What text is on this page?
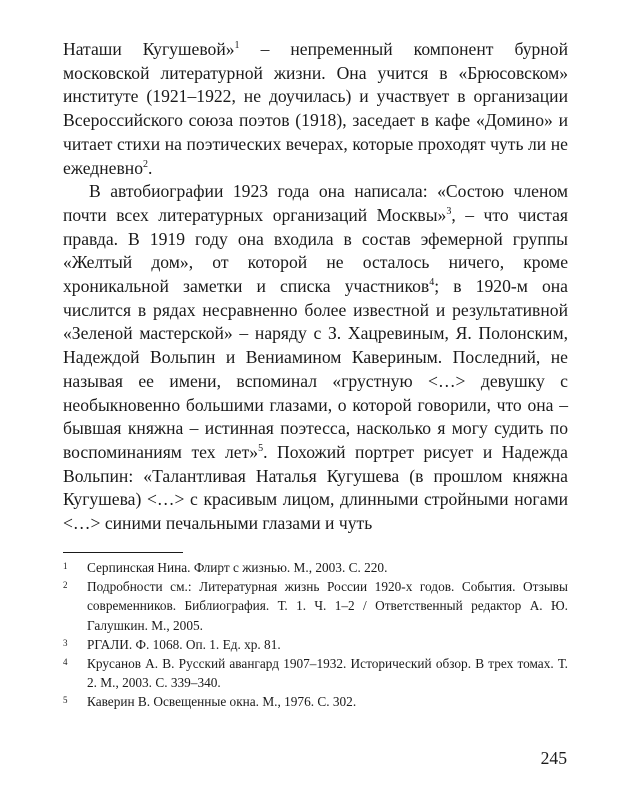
Наташи Кугушевой»$^1$ – непременный компонент бурной московской литературной жизни. Она учится в «Брюсовском» институте (1921–1922, не доучилась) и участвует в организации Всероссийского союза поэтов (1918), заседает в кафе «Домино» и читает стихи на поэтических вечерах, которые проходят чуть ли не ежедневно$^2$.

В автобиографии 1923 года она написала: «Состою членом почти всех литературных организаций Москвы»$^3$, – что чистая правда. В 1919 году она входила в состав эфемерной группы «Желтый дом», от которой не осталось ничего, кроме хроникальной заметки и списка участников$^4$; в 1920-м она числится в рядах несравненно более известной и результативной «Зеленой мастерской» – наряду с З. Хацревиным, Я. Полонским, Надеждой Вольпин и Вениамином Кавериным. Последний, не называя ее имени, вспоминал «грустную <…> девушку с необыкновенно большими глазами, о которой говорили, что она – бывшая княжна – истинная поэтесса, насколько я могу судить по воспоминаниям тех лет»$^5$. Похожий портрет рисует и Надежда Вольпин: «Талантливая Наталья Кугушева (в прошлом княжна Кугушева) <…> с красивым лицом, длинными стройными ногами <…> синими печальными глазами и чуть

1 Серпинская Нина. Флирт с жизнью. М., 2003. С. 220.
2 Подробности см.: Литературная жизнь России 1920-х годов. События. Отзывы современников. Библиография. Т. 1. Ч. 1–2 / Ответственный редактор А. Ю. Галушкин. М., 2005.
3 РГАЛИ. Ф. 1068. Оп. 1. Ед. хр. 81.
4 Крусанов А. В. Русский авангард 1907–1932. Исторический обзор. В трех томах. Т. 2. М., 2003. С. 339–340.
5 Каверин В. Освещенные окна. М., 1976. С. 302.
245
